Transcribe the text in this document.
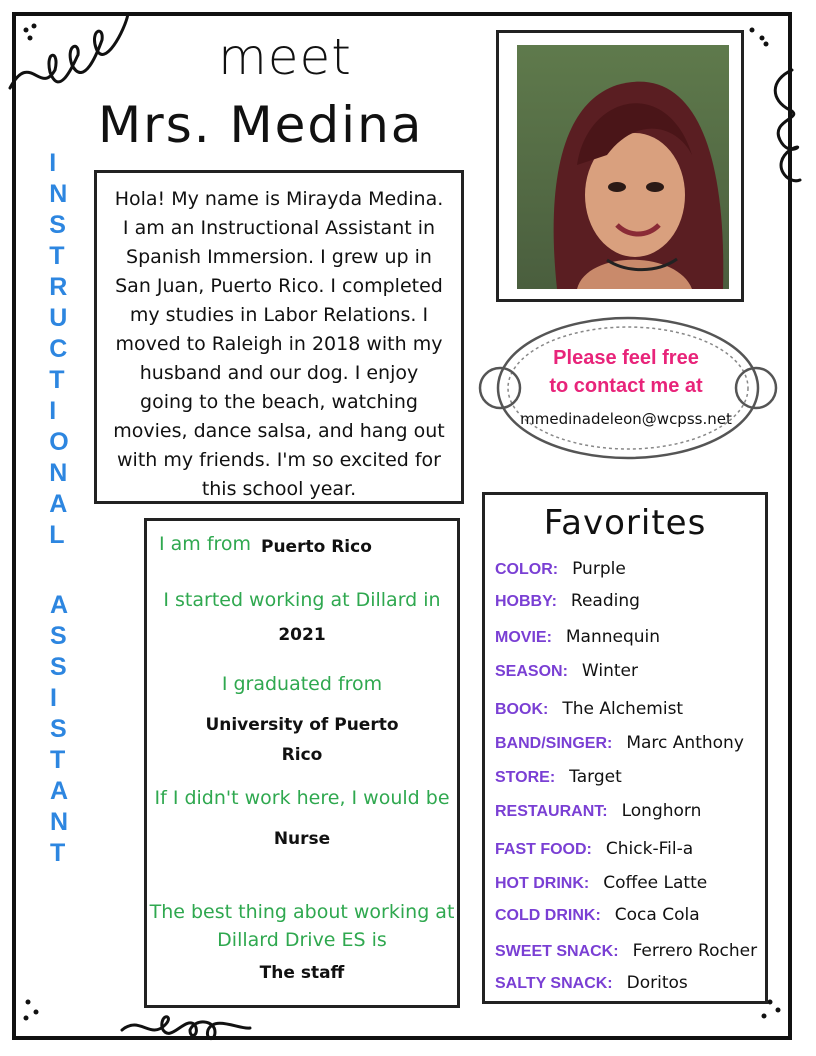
meet
Mrs. Medina
I
N
S
T
R
U
C
T
I
O
N
A
L

A
S
S
I
S
T
A
N
T

Hola! My name is Mirayda Medina. I am an Instructional Assistant in Spanish Immersion. I grew up in San Juan, Puerto Rico. I completed my studies in Labor Relations. I moved to Raleigh in 2018 with my husband and our dog. I enjoy going to the beach, watching movies, dance salsa, and hang out with my friends. I'm so excited for this school year.

Please feel free
to contact me at
mmedinadeleon@wcpss.net
I am from Puerto Rico
I started working at Dillard in
2021
I graduated from
University of Puerto
Rico
If I didn't work here, I would be
Nurse
The best thing about working at
Dillard Drive ES is
The staff
Favorites
COLOR: Purple
HOBBY: Reading
MOVIE: Mannequin
SEASON: Winter
BOOK: The Alchemist
BAND/SINGER: Marc Anthony
STORE: Target
RESTAURANT: Longhorn
FAST FOOD: Chick-Fil-a
HOT DRINK: Coffee Latte
COLD DRINK: Coca Cola
SWEET SNACK: Ferrero Rocher
SALTY SNACK: Doritos
